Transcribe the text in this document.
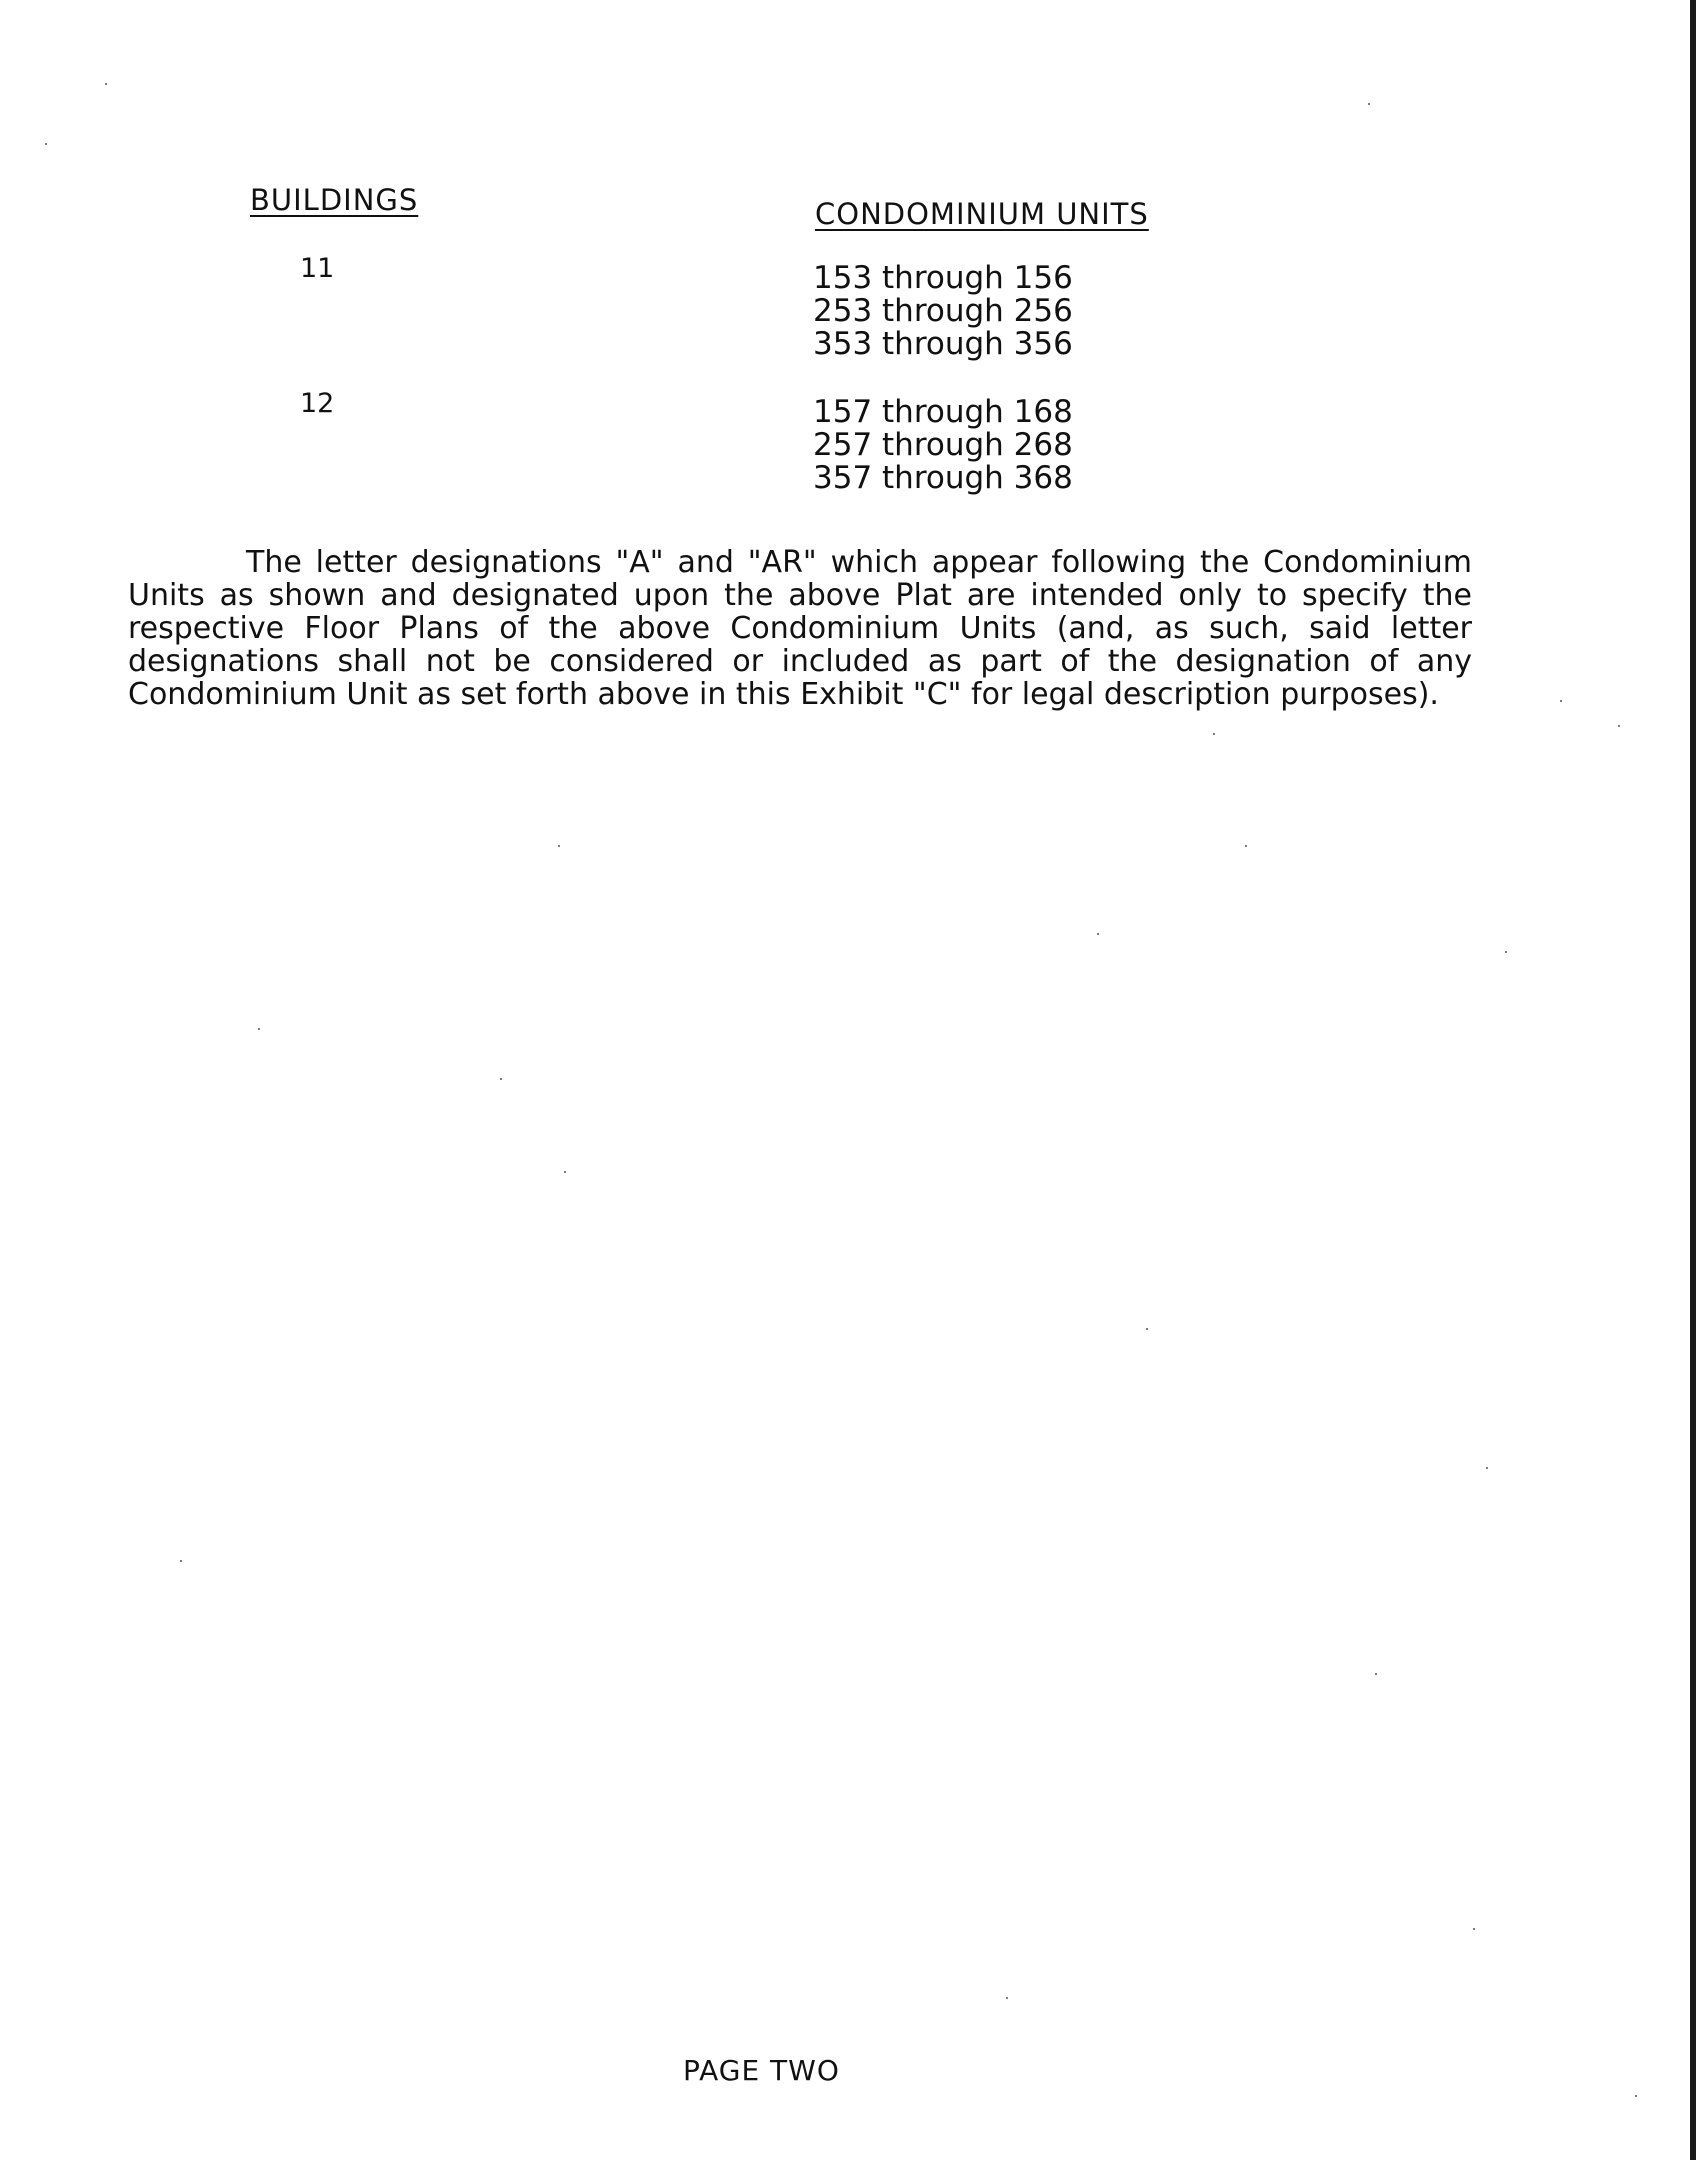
BUILDINGS	CONDOMINIUM UNITS
11	153 through 156
253 through 256
353 through 356
12	157 through 168
257 through 268
357 through 368

The letter designations "A" and "AR" which appear following the Condominium Units as shown and designated upon the above Plat are intended only to specify the respective Floor Plans of the above Condominium Units (and, as such, said letter designations shall not be considered or included as part of the designation of any Condominium Unit as set forth above in this Exhibit "C" for legal description purposes).

PAGE TWO
